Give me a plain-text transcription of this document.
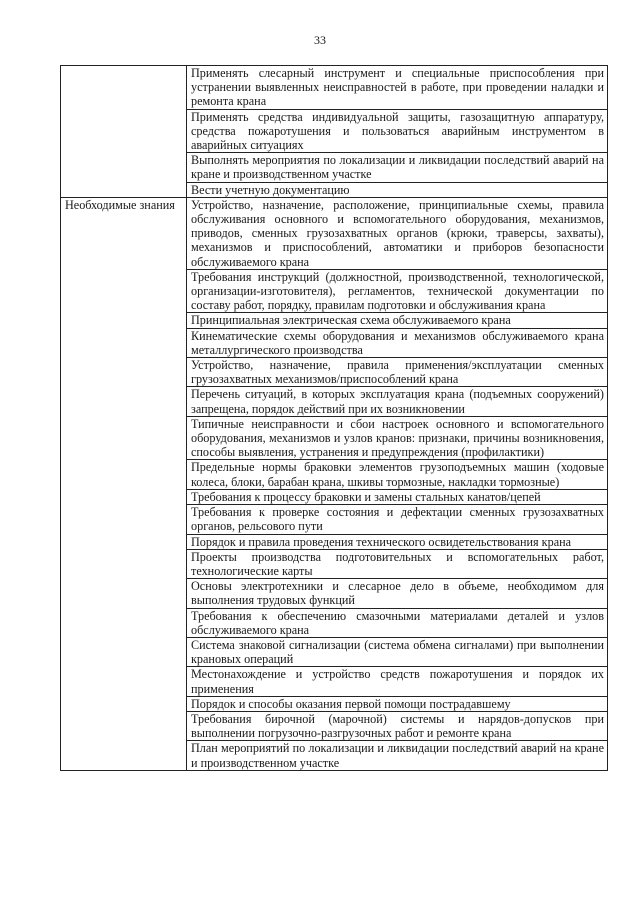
33
	Применять слесарный инструмент и специальные приспособления при устранении выявленных неисправностей в работе, при проведении наладки и ремонта крана
	Применять средства индивидуальной защиты, газозащитную аппаратуру, средства пожаротушения и пользоваться аварийным инструментом в аварийных ситуациях
	Выполнять мероприятия по локализации и ликвидации последствий аварий на кране и производственном участке
	Вести учетную документацию
Необходимые знания	Устройство, назначение, расположение, принципиальные схемы, правила обслуживания основного и вспомогательного оборудования, механизмов, приводов, сменных грузозахватных органов (крюки, траверсы, захваты), механизмов и приспособлений, автоматики и приборов безопасности обслуживаемого крана
	Требования инструкций (должностной, производственной, технологической, организации-изготовителя), регламентов, технической документации по составу работ, порядку, правилам подготовки и обслуживания крана
	Принципиальная электрическая схема обслуживаемого крана
	Кинематические схемы оборудования и механизмов обслуживаемого крана металлургического производства
	Устройство, назначение, правила применения/эксплуатации сменных грузозахватных механизмов/приспособлений крана
	Перечень ситуаций, в которых эксплуатация крана (подъемных сооружений) запрещена, порядок действий при их возникновении
	Типичные неисправности и сбои настроек основного и вспомогательного оборудования, механизмов и узлов кранов: признаки, причины возникновения, способы выявления, устранения и предупреждения (профилактики)
	Предельные нормы браковки элементов грузоподъемных машин (ходовые колеса, блоки, барабан крана, шкивы тормозные, накладки тормозные)
	Требования к процессу браковки и замены стальных канатов/цепей
	Требования к проверке состояния и дефектации сменных грузозахватных органов, рельсового пути
	Порядок и правила проведения технического освидетельствования крана
	Проекты производства подготовительных и вспомогательных работ, технологические карты
	Основы электротехники и слесарное дело в объеме, необходимом для выполнения трудовых функций
	Требования к обеспечению смазочными материалами деталей и узлов обслуживаемого крана
	Система знаковой сигнализации (система обмена сигналами) при выполнении крановых операций
	Местонахождение и устройство средств пожаротушения и порядок их применения
	Порядок и способы оказания первой помощи пострадавшему
	Требования бирочной (марочной) системы и нарядов-допусков при выполнении погрузочно-разгрузочных работ и ремонте крана
	План мероприятий по локализации и ликвидации последствий аварий на кране и производственном участке
